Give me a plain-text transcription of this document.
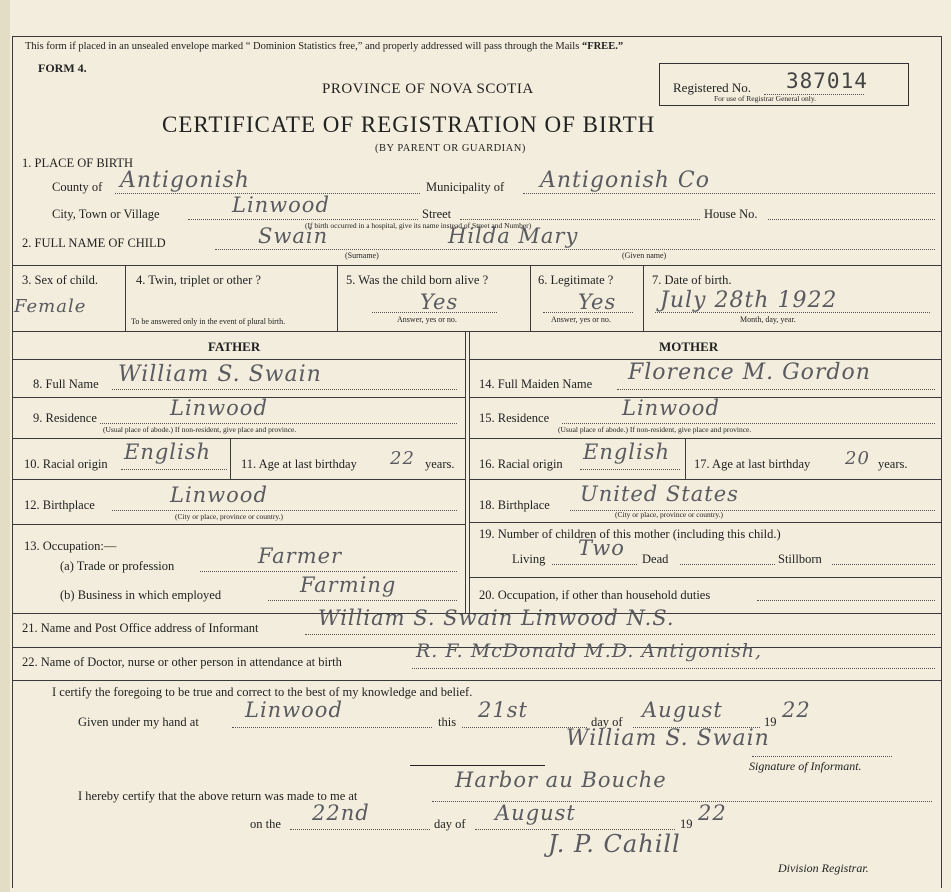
This form if placed in an unsealed envelope marked “ Dominion Statistics free,” and properly addressed will pass through the Mails “FREE.”
FORM 4.
PROVINCE OF NOVA SCOTIA	Registered No. 387014
For use of Registrar General only.
CERTIFICATE OF REGISTRATION OF BIRTH
(BY PARENT OR GUARDIAN)
1. PLACE OF BIRTH
County of Antigonish	Municipality of Antigonish Co
City, Town or Village	Linwood	Street
(If birth occurred in a hospital, give its name instead of Street and Number)
House No.
2. FULL NAME OF CHILD	Swain	Hilda Mary
(Surname)	(Given name)
3. Sex of child.
Female
4. Twin, triplet or other ?
To be answered only in the event of plural birth.
5. Was the child born alive ?
Yes
Answer, yes or no.
6. Legitimate ?
Yes
Answer, yes or no.
7. Date of birth.
July 28th 1922
Month, day, year.
FATHER	MOTHER
8. Full Name William S. Swain
9. Residence	Linwood
(Usual place of abode.) If non-resident, give place and province.
10. Racial origin English 11. Age at last birthday 22 years.
12. Birthplace	Linwood
(City or place, province or country.)
13. Occupation:—
(a) Trade or profession	Farmer
(b) Business in which employed	Farming
14. Full Maiden Name Florence M. Gordon
15. Residence	Linwood
(Usual place of abode.) If non-resident, give place and province.
16. Racial origin English 17. Age at last birthday 20 years.
18. Birthplace United States
(City or place, province or country.)
19. Number of children of this mother (including this child.)
Living Two Dead	Stillborn
20. Occupation, if other than household duties
21. Name and Post Office address of Informant	William S. Swain Linwood N.S.
22. Name of Doctor, nurse or other person in attendance at birth	R. F. McDonald M.D. Antigonish,
I certify the foregoing to be true and correct to the best of my knowledge and belief.
Given under my hand at Linwood	this 21st	day of August	19 22
William S. Swain
Signature of Informant.
I hereby certify that the above return was made to me at
Harbor au Bouche
on the 22nd	day of August	19 22
J. P. Cahill
Division Registrar.
